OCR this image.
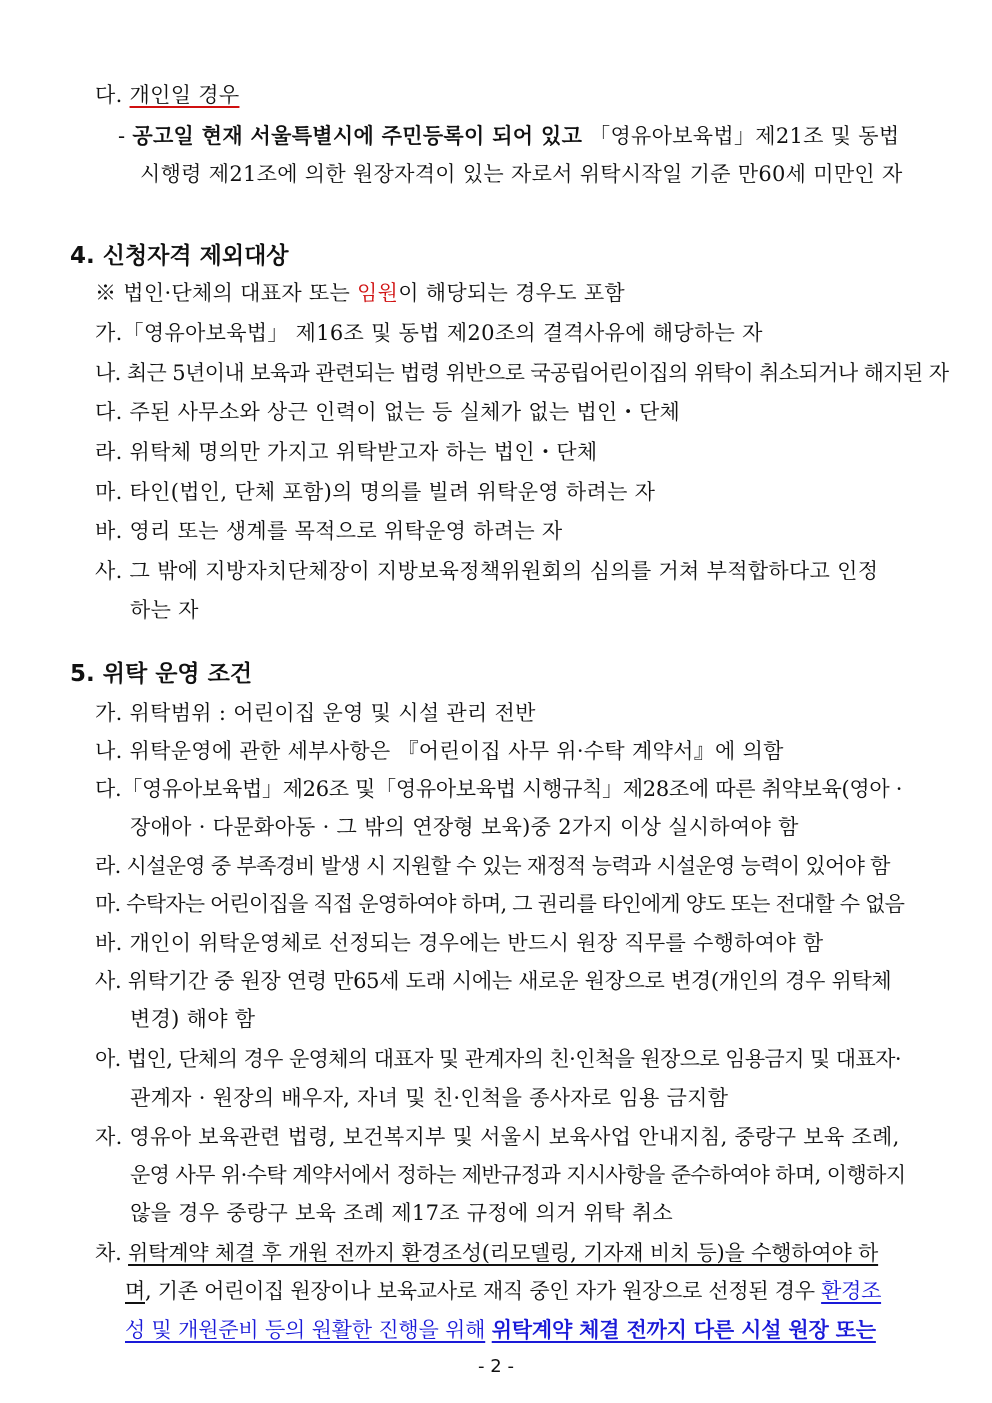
다. 개인일 경우
- 공고일 현재 서울특별시에 주민등록이 되어 있고 「영유아보육법」제21조 및 동법
시행령 제21조에 의한 원장자격이 있는 자로서 위탁시작일 기준 만60세 미만인 자
4. 신청자격 제외대상
※ 법인·단체의 대표자 또는 임원이 해당되는 경우도 포함
가.「영유아보육법」 제16조 및 동법 제20조의 결격사유에 해당하는 자
나. 최근 5년이내 보육과 관련되는 법령 위반으로 국공립어린이집의 위탁이 취소되거나 해지된 자
다. 주된 사무소와 상근 인력이 없는 등 실체가 없는 법인・단체
라. 위탁체 명의만 가지고 위탁받고자 하는 법인・단체
마. 타인(법인, 단체 포함)의 명의를 빌려 위탁운영 하려는 자
바. 영리 또는 생계를 목적으로 위탁운영 하려는 자
사. 그 밖에 지방자치단체장이 지방보육정책위원회의 심의를 거쳐 부적합하다고 인정
하는 자
5. 위탁 운영 조건
가. 위탁범위 : 어린이집 운영 및 시설 관리 전반
나. 위탁운영에 관한 세부사항은 『어린이집 사무 위·수탁 계약서』에 의함
다.「영유아보육법」제26조 및「영유아보육법 시행규칙」제28조에 따른 취약보육(영아 ·
장애아 · 다문화아동 · 그 밖의 연장형 보육)중 2가지 이상 실시하여야 함
라. 시설운영 중 부족경비 발생 시 지원할 수 있는 재정적 능력과 시설운영 능력이 있어야 함
마. 수탁자는 어린이집을 직접 운영하여야 하며, 그 권리를 타인에게 양도 또는 전대할 수 없음
바. 개인이 위탁운영체로 선정되는 경우에는 반드시 원장 직무를 수행하여야 함
사. 위탁기간 중 원장 연령 만65세 도래 시에는 새로운 원장으로 변경(개인의 경우 위탁체
변경) 해야 함
아. 법인, 단체의 경우 운영체의 대표자 및 관계자의 친·인척을 원장으로 임용금지 및 대표자·
관계자 · 원장의 배우자, 자녀 및 친·인척을 종사자로 임용 금지함
자. 영유아 보육관련 법령, 보건복지부 및 서울시 보육사업 안내지침, 중랑구 보육 조례,
운영 사무 위·수탁 계약서에서 정하는 제반규정과 지시사항을 준수하여야 하며, 이행하지
않을 경우 중랑구 보육 조례 제17조 규정에 의거 위탁 취소
차. 위탁계약 체결 후 개원 전까지 환경조성(리모델링, 기자재 비치 등)을 수행하여야 하
며, 기존 어린이집 원장이나 보육교사로 재직 중인 자가 원장으로 선정된 경우 환경조
성 및 개원준비 등의 원활한 진행을 위해 위탁계약 체결 전까지 다른 시설 원장 또는
- 2 -
